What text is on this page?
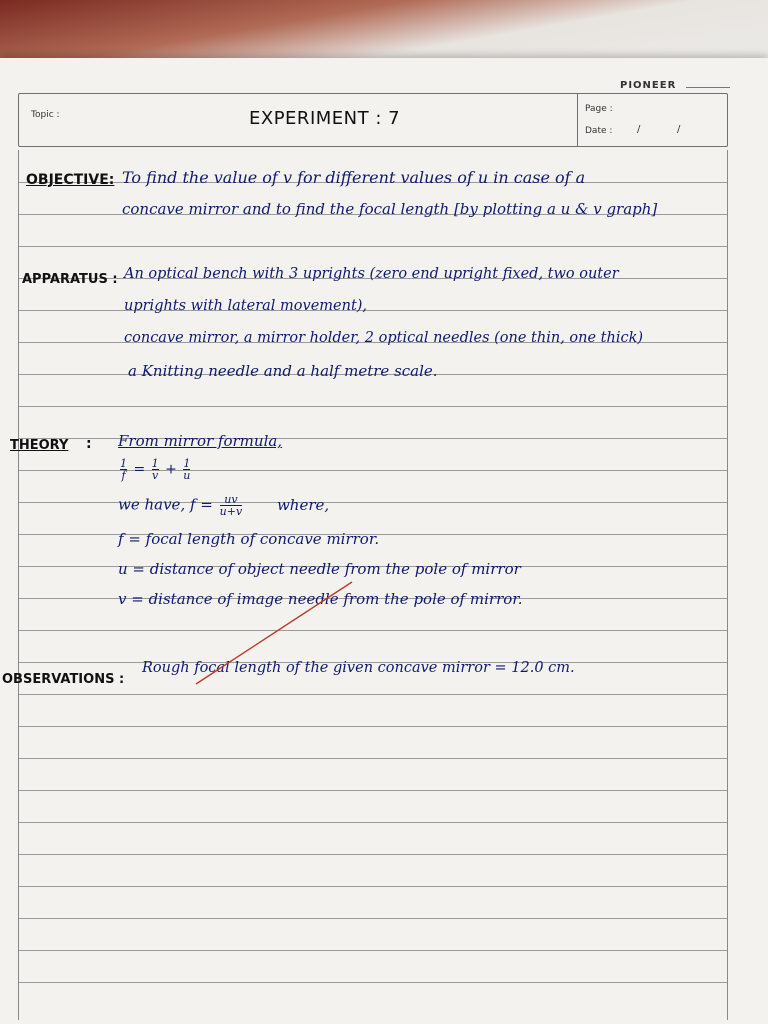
PIONEER
Topic :	EXPERIMENT : 7	Page :
Date : /	/
OBJECTIVE: To find the value of v for different values of u in case of a
concave mirror and to find the focal length [by plotting a u & v graph]
APPARATUS : An optical bench with 3 uprights (zero end upright fixed, two outer
uprights with lateral movement),
concave mirror, a mirror holder, 2 optical needles (one thin, one thick)
a Knitting needle and a half metre scale.
THEORY : From mirror formula,
$\frac{1}{f} = \frac{1}{v} + \frac{1}{u}$
we have, $f = \frac{uv}{u+v}$ where,
f = focal length of concave mirror.
u = distance of object needle from the pole of mirror
v = distance of image needle from the pole of mirror.
OBSERVATIONS :
Rough focal length of the given concave mirror = 12.0 cm.
